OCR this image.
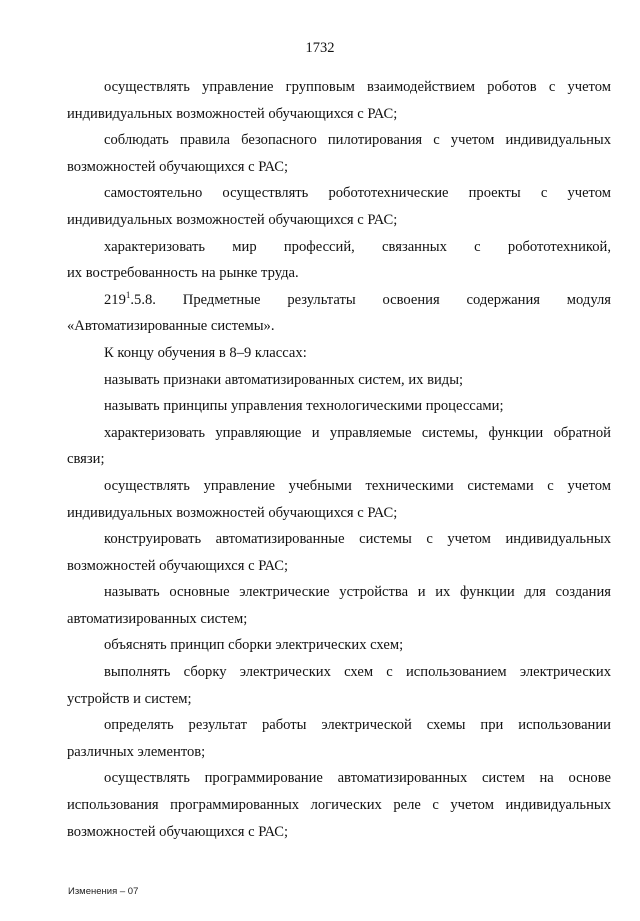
1732

осуществлять управление групповым взаимодействием роботов с учетом
индивидуальных возможностей обучающихся с РАС;

соблюдать правила безопасного пилотирования с учетом индивидуальных
возможностей обучающихся с РАС;

самостоятельно осуществлять робототехнические проекты с учетом
индивидуальных возможностей обучающихся с РАС;

характеризовать мир профессий, связанных с робототехникой,
их востребованность на рынке труда.

$219^1.5.8$. Предметные результаты освоения содержания модуля
«Автоматизированные системы».

К концу обучения в 8–9 классах:

называть признаки автоматизированных систем, их виды;

называть принципы управления технологическими процессами;

характеризовать управляющие и управляемые системы, функции обратной
связи;

осуществлять управление учебными техническими системами с учетом
индивидуальных возможностей обучающихся с РАС;

конструировать автоматизированные системы с учетом индивидуальных
возможностей обучающихся с РАС;

называть основные электрические устройства и их функции для создания
автоматизированных систем;

объяснять принцип сборки электрических схем;

выполнять сборку электрических схем с использованием электрических
устройств и систем;

определять результат работы электрической схемы при использовании
различных элементов;

осуществлять программирование автоматизированных систем на основе
использования программированных логических реле с учетом индивидуальных
возможностей обучающихся с РАС;

Изменения – 07
